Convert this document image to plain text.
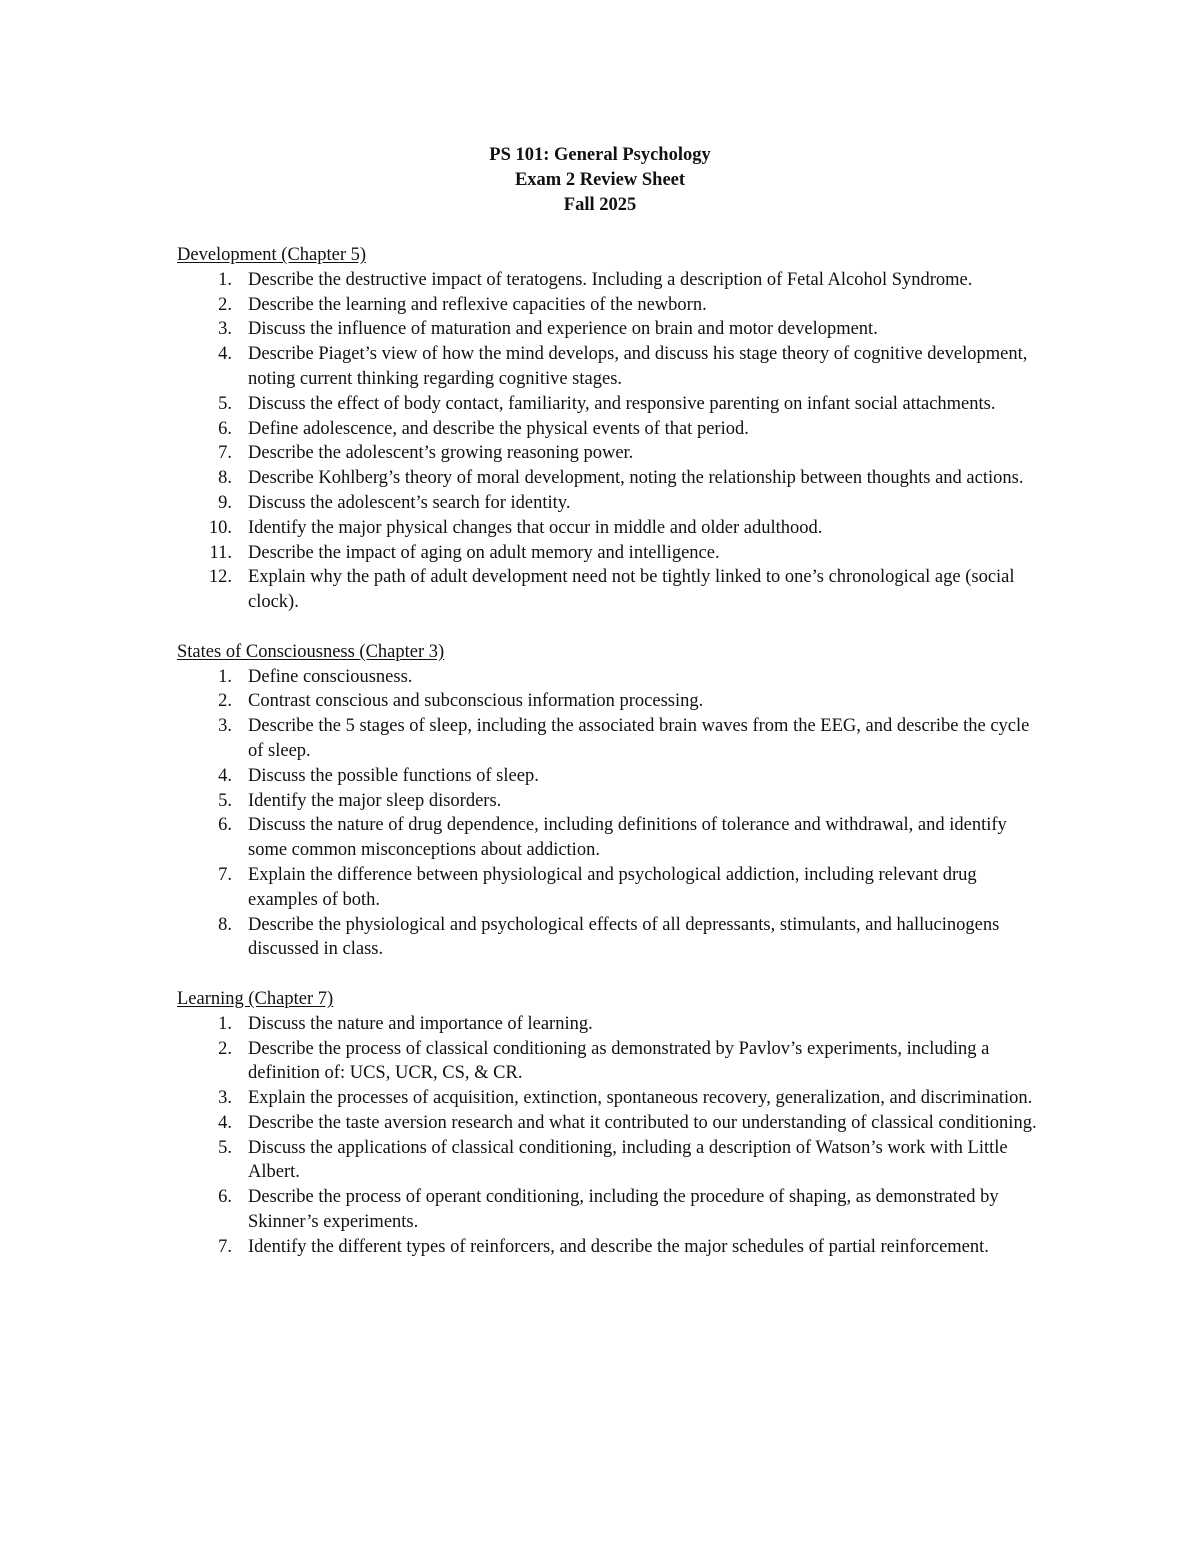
PS 101: General Psychology
Exam 2 Review Sheet
Fall 2025
Development (Chapter 5)
1. Describe the destructive impact of teratogens. Including a description of Fetal Alcohol Syndrome.
2. Describe the learning and reflexive capacities of the newborn.
3. Discuss the influence of maturation and experience on brain and motor development.
4. Describe Piaget’s view of how the mind develops, and discuss his stage theory of cognitive development, noting current thinking regarding cognitive stages.
5. Discuss the effect of body contact, familiarity, and responsive parenting on infant social attachments.
6. Define adolescence, and describe the physical events of that period.
7. Describe the adolescent’s growing reasoning power.
8. Describe Kohlberg’s theory of moral development, noting the relationship between thoughts and actions.
9. Discuss the adolescent’s search for identity.
10. Identify the major physical changes that occur in middle and older adulthood.
11. Describe the impact of aging on adult memory and intelligence.
12. Explain why the path of adult development need not be tightly linked to one’s chronological age (social clock).
States of Consciousness (Chapter 3)
1. Define consciousness.
2. Contrast conscious and subconscious information processing.
3. Describe the 5 stages of sleep, including the associated brain waves from the EEG, and describe the cycle of sleep.
4. Discuss the possible functions of sleep.
5. Identify the major sleep disorders.
6. Discuss the nature of drug dependence, including definitions of tolerance and withdrawal, and identify some common misconceptions about addiction.
7. Explain the difference between physiological and psychological addiction, including relevant drug examples of both.
8. Describe the physiological and psychological effects of all depressants, stimulants, and hallucinogens discussed in class.
Learning (Chapter 7)
1. Discuss the nature and importance of learning.
2. Describe the process of classical conditioning as demonstrated by Pavlov’s experiments, including a definition of: UCS, UCR, CS, & CR.
3. Explain the processes of acquisition, extinction, spontaneous recovery, generalization, and discrimination.
4. Describe the taste aversion research and what it contributed to our understanding of classical conditioning.
5. Discuss the applications of classical conditioning, including a description of Watson’s work with Little Albert.
6. Describe the process of operant conditioning, including the procedure of shaping, as demonstrated by Skinner’s experiments.
7. Identify the different types of reinforcers, and describe the major schedules of partial reinforcement.
